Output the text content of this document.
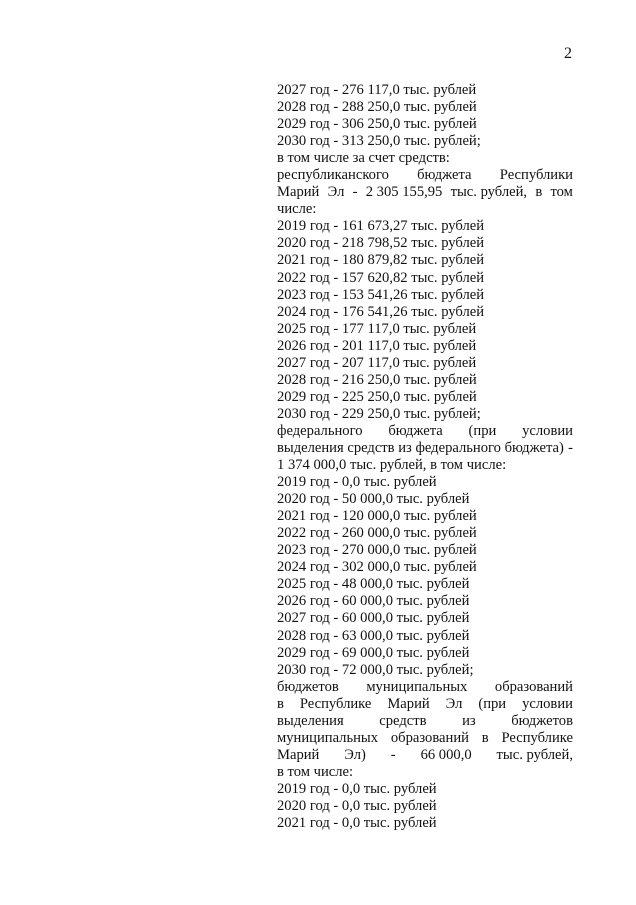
2
2027 год - 276 117,0 тыс. рублей
2028 год - 288 250,0 тыс. рублей
2029 год - 306 250,0 тыс. рублей
2030 год - 313 250,0 тыс. рублей;
в том числе за счет средств:
республиканского бюджета Республики
Марий Эл - 2 305 155,95 тыс. рублей, в том
числе:
2019 год - 161 673,27 тыс. рублей
2020 год - 218 798,52 тыс. рублей
2021 год - 180 879,82 тыс. рублей
2022 год - 157 620,82 тыс. рублей
2023 год - 153 541,26 тыс. рублей
2024 год - 176 541,26 тыс. рублей
2025 год - 177 117,0 тыс. рублей
2026 год - 201 117,0 тыс. рублей
2027 год - 207 117,0 тыс. рублей
2028 год - 216 250,0 тыс. рублей
2029 год - 225 250,0 тыс. рублей
2030 год - 229 250,0 тыс. рублей;
федерального бюджета (при условии
выделения средств из федерального бюджета) -
1 374 000,0 тыс. рублей, в том числе:
2019 год - 0,0 тыс. рублей
2020 год - 50 000,0 тыс. рублей
2021 год - 120 000,0 тыс. рублей
2022 год - 260 000,0 тыс. рублей
2023 год - 270 000,0 тыс. рублей
2024 год - 302 000,0 тыс. рублей
2025 год - 48 000,0 тыс. рублей
2026 год - 60 000,0 тыс. рублей
2027 год - 60 000,0 тыс. рублей
2028 год - 63 000,0 тыс. рублей
2029 год - 69 000,0 тыс. рублей
2030 год - 72 000,0 тыс. рублей;
бюджетов муниципальных образований
в Республике Марий Эл (при условии
выделения средств из бюджетов
муниципальных образований в Республике
Марий Эл) - 66 000,0 тыс. рублей,
в том числе:
2019 год - 0,0 тыс. рублей
2020 год - 0,0 тыс. рублей
2021 год - 0,0 тыс. рублей
